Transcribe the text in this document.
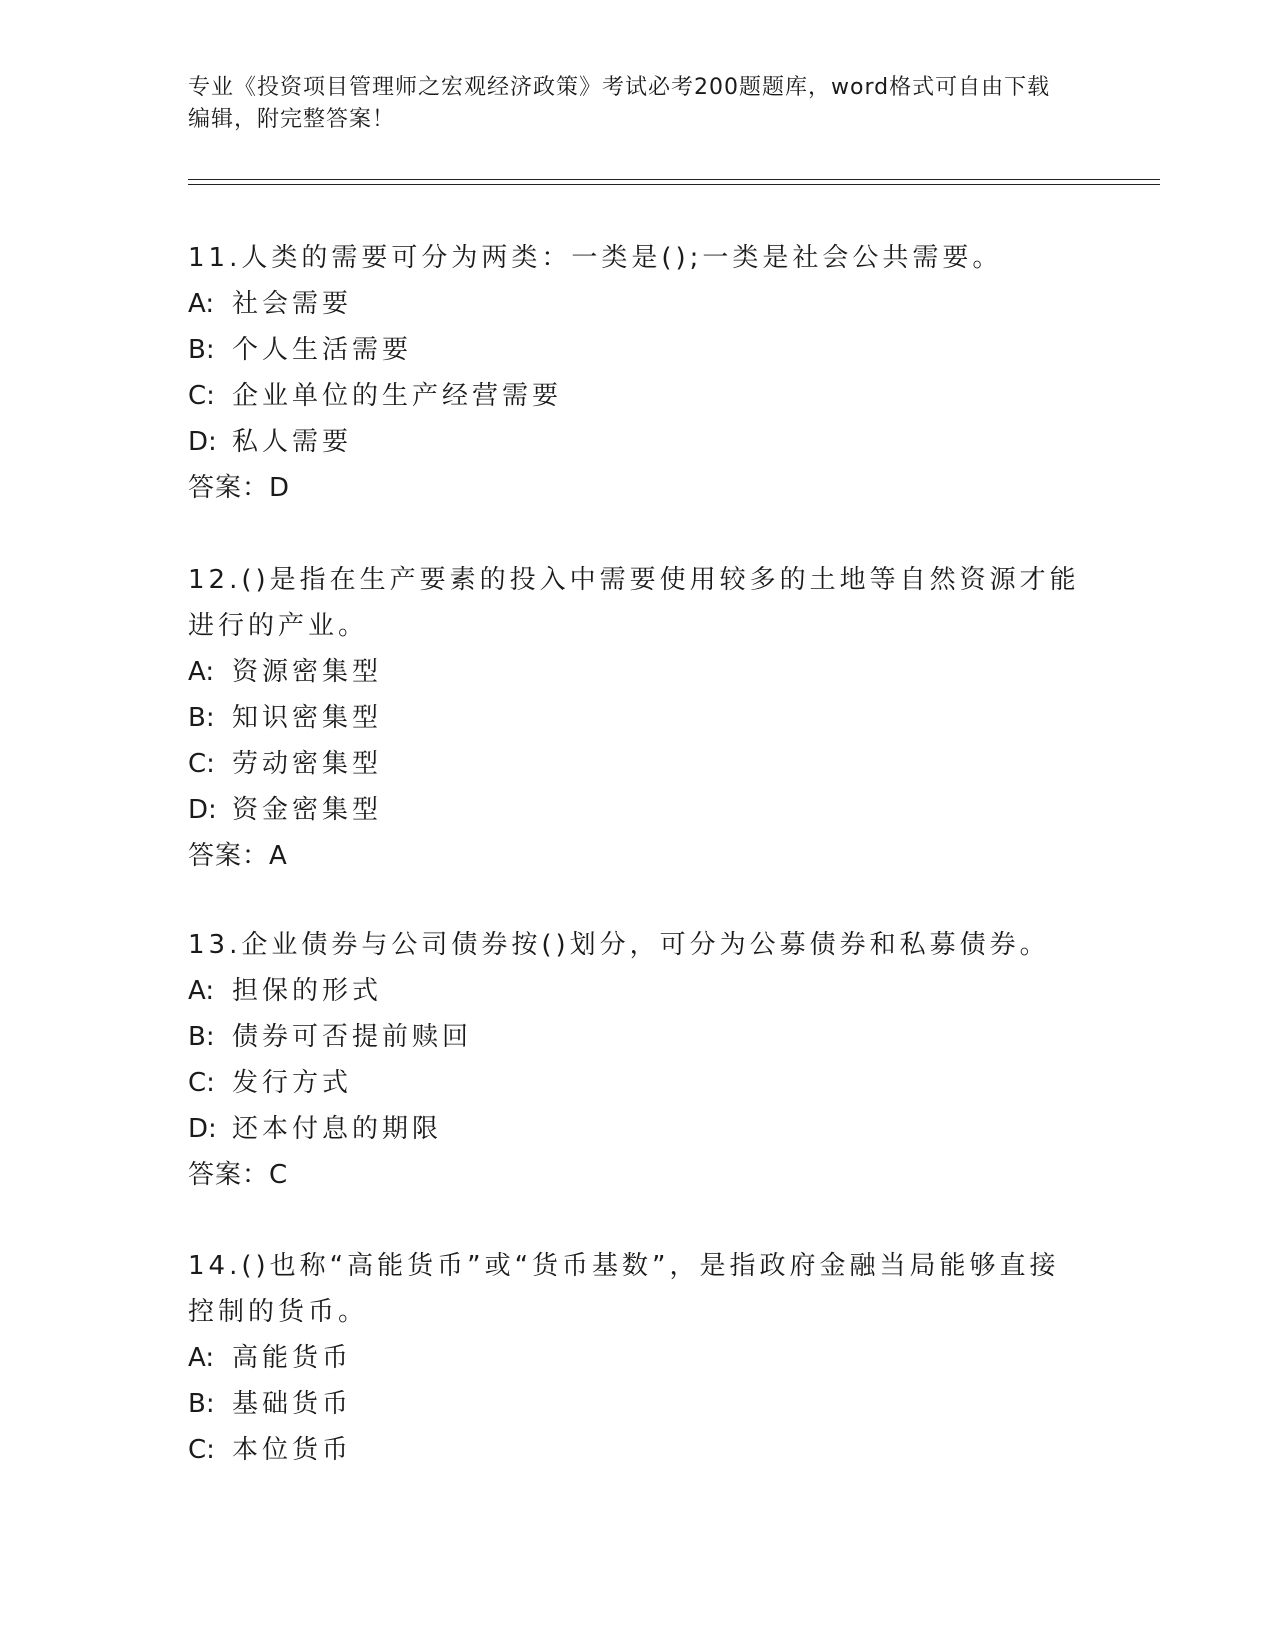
专业《投资项目管理师之宏观经济政策》考试必考200题题库，word格式可自由下载编辑，附完整答案！

11.人类的需要可分为两类：一类是();一类是社会公共需要。

A: 社会需要

B: 个人生活需要

C: 企业单位的生产经营需要

D: 私人需要

答案：D

12.()是指在生产要素的投入中需要使用较多的土地等自然资源才能进行的产业。

A: 资源密集型

B: 知识密集型

C: 劳动密集型

D: 资金密集型

答案：A

13.企业债券与公司债券按()划分，可分为公募债券和私募债券。

A: 担保的形式

B: 债券可否提前赎回

C: 发行方式

D: 还本付息的期限

答案：C

14.()也称“高能货币”或“货币基数”，是指政府金融当局能够直接控制的货币。

A: 高能货币

B: 基础货币

C: 本位货币
